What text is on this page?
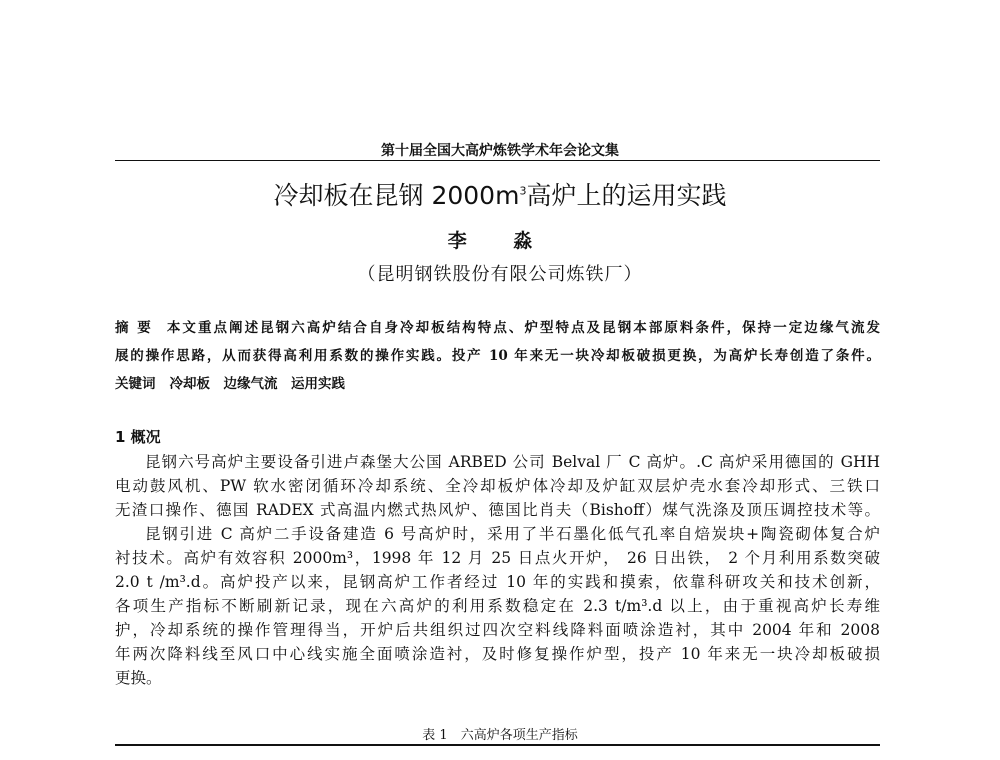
第十届全国大高炉炼铁学术年会论文集
冷却板在昆钢 $2000m^3$高炉上的运用实践
李 淼
（昆明钢铁股份有限公司炼铁厂）
摘 要 本文重点阐述昆钢六高炉结合自身冷却板结构特点、炉型特点及昆钢本部原料条件，保持一定边缘气流发
展的操作思路，从而获得高利用系数的操作实践。投产 10 年来无一块冷却板破损更换，为高炉长寿创造了条件。
关键词 冷却板　边缘气流　运用实践
1 概况
昆钢六号高炉主要设备引进卢森堡大公国 ARBED 公司 Belval 厂 C 高炉。.C 高炉采用德国的 GHH
电动鼓风机、PW 软水密闭循环冷却系统、全冷却板炉体冷却及炉缸双层炉壳水套冷却形式、三铁口
无渣口操作、德国 RADEX 式高温内燃式热风炉、德国比肖夫（Bishoff）煤气洗涤及顶压调控技术等。
昆钢引进 C 高炉二手设备建造 6 号高炉时，采用了半石墨化低气孔率自焙炭块+陶瓷砌体复合炉
衬技术。高炉有效容积 2000m³，1998 年 12 月 25 日点火开炉， 26 日出铁， 2 个月利用系数突破
2.0 t /m³.d。高炉投产以来，昆钢高炉工作者经过 10 年的实践和摸索，依靠科研攻关和技术创新，
各项生产指标不断刷新记录，现在六高炉的利用系数稳定在 2.3 t/m³.d 以上，由于重视高炉长寿维
护，冷却系统的操作管理得当，开炉后共组织过四次空料线降料面喷涂造衬，其中 2004 年和 2008
年两次降料线至风口中心线实施全面喷涂造衬，及时修复操作炉型，投产 10 年来无一块冷却板破损
更换。
表 1　六高炉各项生产指标
